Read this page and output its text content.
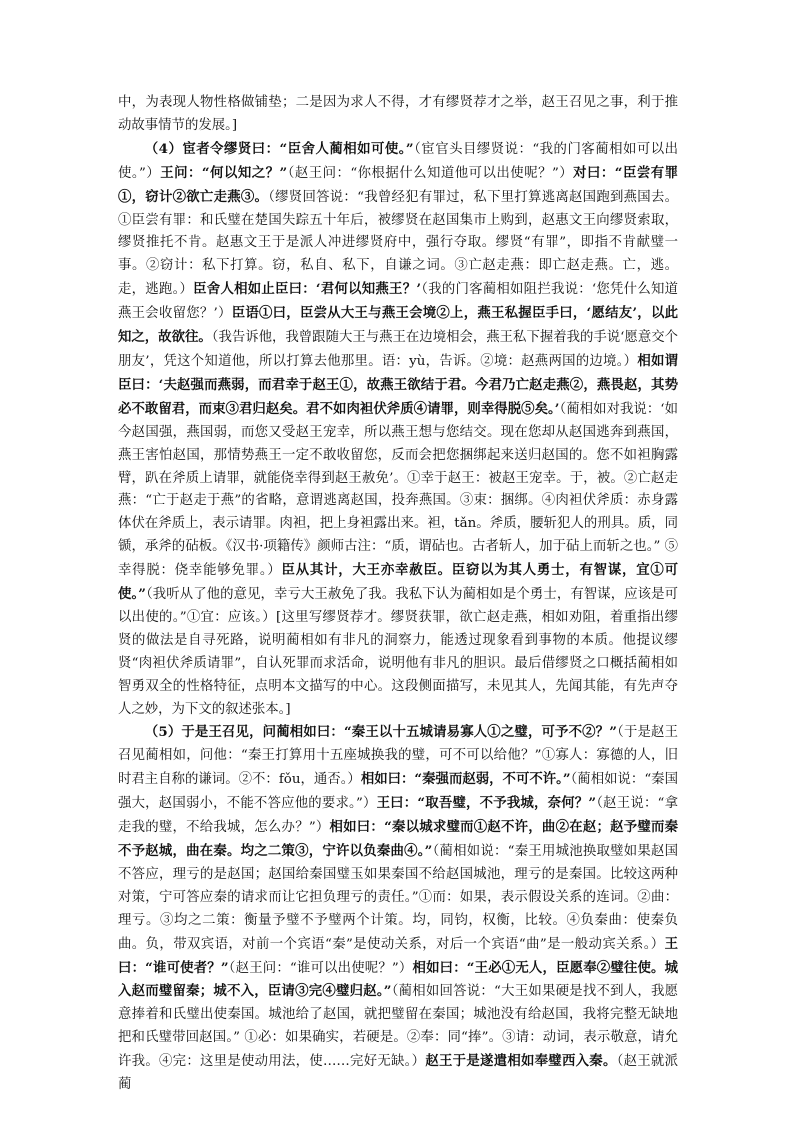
中，为表现人物性格做铺垫；二是因为求人不得，才有缪贤荐才之举，赵王召见之事，利于推动故事情节的发展。]

（4）宦者令缪贤曰：“臣舍人蔺相如可使。”（宦官头目缪贤说：“我的门客蔺相如可以出使。”）王问：“何以知之？”（赵王问：“你根据什么知道他可以出使呢？”）对曰：“臣尝有罪①，窃计②欲亡走燕③。（缪贤回答说：“我曾经犯有罪过，私下里打算逃离赵国跑到燕国去。①臣尝有罪：和氏璧在楚国失踪五十年后，被缪贤在赵国集市上购到，赵惠文王向缪贤索取，缪贤推托不肯。赵惠文王于是派人冲进缪贤府中，强行夺取。缪贤“有罪”，即指不肯献璧一事。②窃计：私下打算。窃，私自、私下，自谦之词。③亡赵走燕：即亡赵走燕。亡，逃。走，逃跑。）臣舍人相如止臣曰：‘君何以知燕王？’（我的门客蔺相如阻拦我说：‘您凭什么知道燕王会收留您？’）臣语①曰，臣尝从大王与燕王会境②上，燕王私握臣手曰，‘愿结友’，以此知之，故欲往。（我告诉他，我曾跟随大王与燕王在边境相会，燕王私下握着我的手说‘愿意交个朋友’，凭这个知道他，所以打算去他那里。语：yù，告诉。②境：赵燕两国的边境。）相如谓臣曰：‘夫赵强而燕弱，而君幸于赵王①，故燕王欲结于君。今君乃亡赵走燕②，燕畏赵，其势必不敢留君，而束③君归赵矣。君不如肉袒伏斧质④请罪，则幸得脱⑤矣。’（蔺相如对我说：‘如今赵国强，燕国弱，而您又受赵王宠幸，所以燕王想与您结交。现在您却从赵国逃奔到燕国，燕王害怕赵国，那情势燕王一定不敢收留您，反而会把您捆绑起来送归赵国的。您不如袒胸露臂，趴在斧质上请罪，就能侥幸得到赵王赦免’。①幸于赵王：被赵王宠幸。于，被。②亡赵走燕：“亡于赵走于燕”的省略，意谓逃离赵国，投奔燕国。③束：捆绑。④肉袒伏斧质：赤身露体伏在斧质上，表示请罪。肉袒，把上身袒露出来。袒，tǎn。斧质，腰斩犯人的刑具。质，同锧，承斧的砧板。《汉书·项籍传》颜师古注：“质，谓砧也。古者斩人，加于砧上而斩之也。” ⑤幸得脱：侥幸能够免罪。）臣从其计，大王亦幸赦臣。臣窃以为其人勇士，有智谋，宜①可使。”（我听从了他的意见，幸亏大王赦免了我。我私下认为蔺相如是个勇士，有智谋，应该是可以出使的。”①宜：应该。）[这里写缪贤荐才。缪贤获罪，欲亡赵走燕，相如劝阻，着重指出缪贤的做法是自寻死路，说明蔺相如有非凡的洞察力，能透过现象看到事物的本质。他提议缪贤“肉袒伏斧质请罪”，自认死罪而求活命，说明他有非凡的胆识。最后借缪贤之口概括蔺相如智勇双全的性格特征，点明本文描写的中心。这段侧面描写，未见其人，先闻其能，有先声夺人之妙，为下文的叙述张本。]

（5）于是王召见，问蔺相如曰：“秦王以十五城请易寡人①之璧，可予不②？”（于是赵王召见蔺相如，问他：“秦王打算用十五座城换我的璧，可不可以给他？”①寡人：寡德的人，旧时君主自称的谦词。②不：fǒu，通否。）相如曰：“秦强而赵弱，不可不许。”（蔺相如说：“秦国强大，赵国弱小，不能不答应他的要求。”）王曰：“取吾璧，不予我城，奈何？”（赵王说：“拿走我的璧，不给我城，怎么办？”）相如曰：“秦以城求璧而①赵不许，曲②在赵；赵予璧而秦不予赵城，曲在秦。均之二策③，宁许以负秦曲④。”（蔺相如说：“秦王用城池换取璧如果赵国不答应，理亏的是赵国；赵国给秦国璧玉如果秦国不给赵国城池，理亏的是秦国。比较这两种对策，宁可答应秦的请求而让它担负理亏的责任。”①而：如果，表示假设关系的连词。②曲：理亏。③均之二策：衡量予璧不予璧两个计策。均，同钧，权衡，比较。④负秦曲：使秦负曲。负，带双宾语，对前一个宾语“秦”是使动关系，对后一个宾语“曲”是一般动宾关系。）王曰：“谁可使者？”（赵王问：“谁可以出使呢？”）相如曰：“王必①无人，臣愿奉②璧往使。城入赵而璧留秦；城不入，臣请③完④璧归赵。”（蔺相如回答说：“大王如果硬是找不到人，我愿意捧着和氏璧出使秦国。城池给了赵国，就把璧留在秦国；城池没有给赵国，我将完整无缺地把和氏璧带回赵国。” ①必：如果确实，若硬是。②奉：同“捧”。③请：动词，表示敬意，请允许我。④完：这里是使动用法，使……完好无缺。）赵王于是遂遣相如奉璧西入秦。（赵王就派蔺
